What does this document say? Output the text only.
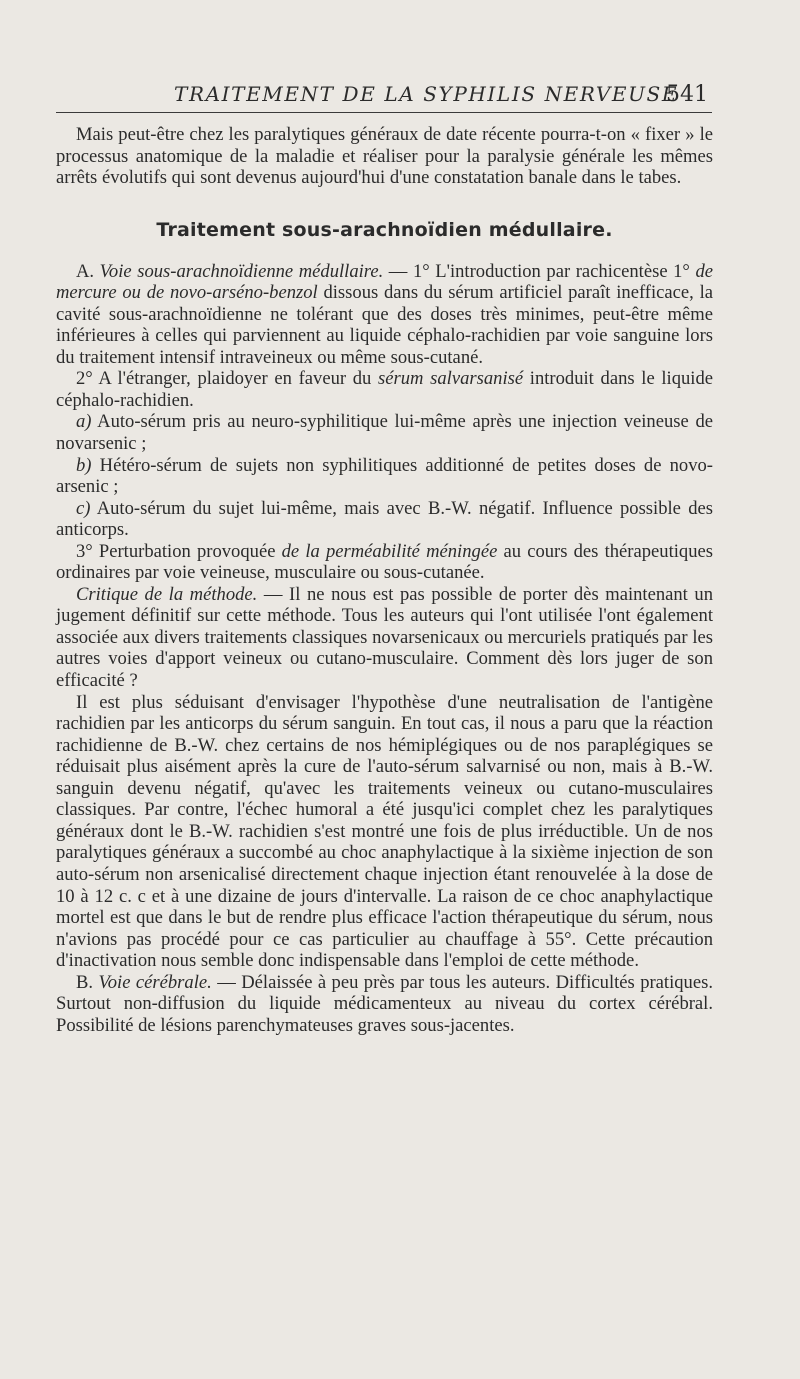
TRAITEMENT DE LA SYPHILIS NERVEUSE
541

Mais peut-être chez les paralytiques généraux de date récente pourra-t-on « fixer » le processus anatomique de la maladie et réaliser pour la paralysie générale les mêmes arrêts évolutifs qui sont devenus aujourd'hui d'une constatation banale dans le tabes.

Traitement sous-arachnoïdien médullaire.

A. Voie sous-arachnoïdienne médullaire. — 1° L'introduction par rachicentèse 1° de mercure ou de novo-arséno-benzol dissous dans du sérum artificiel paraît inefficace, la cavité sous-arachnoïdienne ne tolérant que des doses très minimes, peut-être même inférieures à celles qui parviennent au liquide céphalo-rachidien par voie sanguine lors du traitement intensif intraveineux ou même sous-cutané.

2° A l'étranger, plaidoyer en faveur du sérum salvarsanisé introduit dans le liquide céphalo-rachidien.

a) Auto-sérum pris au neuro-syphilitique lui-même après une injection veineuse de novarsenic ;

b) Hétéro-sérum de sujets non syphilitiques additionné de petites doses de novo-arsenic ;

c) Auto-sérum du sujet lui-même, mais avec B.-W. négatif. Influence possible des anticorps.

3° Perturbation provoquée de la perméabilité méningée au cours des thérapeutiques ordinaires par voie veineuse, musculaire ou sous-cutanée.

Critique de la méthode. — Il ne nous est pas possible de porter dès maintenant un jugement définitif sur cette méthode. Tous les auteurs qui l'ont utilisée l'ont également associée aux divers traitements classiques novarsenicaux ou mercuriels pratiqués par les autres voies d'apport veineux ou cutano-musculaire. Comment dès lors juger de son efficacité ?

Il est plus séduisant d'envisager l'hypothèse d'une neutralisation de l'antigène rachidien par les anticorps du sérum sanguin. En tout cas, il nous a paru que la réaction rachidienne de B.-W. chez certains de nos hémiplégiques ou de nos paraplégiques se réduisait plus aisément après la cure de l'auto-sérum salvarnisé ou non, mais à B.-W. sanguin devenu négatif, qu'avec les traitements veineux ou cutano-musculaires classiques. Par contre, l'échec humoral a été jusqu'ici complet chez les paralytiques généraux dont le B.-W. rachidien s'est montré une fois de plus irréductible. Un de nos paralytiques généraux a succombé au choc anaphylactique à la sixième injection de son auto-sérum non arsenicalisé directement chaque injection étant renouvelée à la dose de 10 à 12 c. c et à une dizaine de jours d'intervalle. La raison de ce choc anaphylactique mortel est que dans le but de rendre plus efficace l'action thérapeutique du sérum, nous n'avions pas procédé pour ce cas particulier au chauffage à 55°. Cette précaution d'inactivation nous semble donc indispensable dans l'emploi de cette méthode.

B. Voie cérébrale. — Délaissée à peu près par tous les auteurs. Difficultés pratiques. Surtout non-diffusion du liquide médicamenteux au niveau du cortex cérébral. Possibilité de lésions parenchymateuses graves sous-jacentes.
